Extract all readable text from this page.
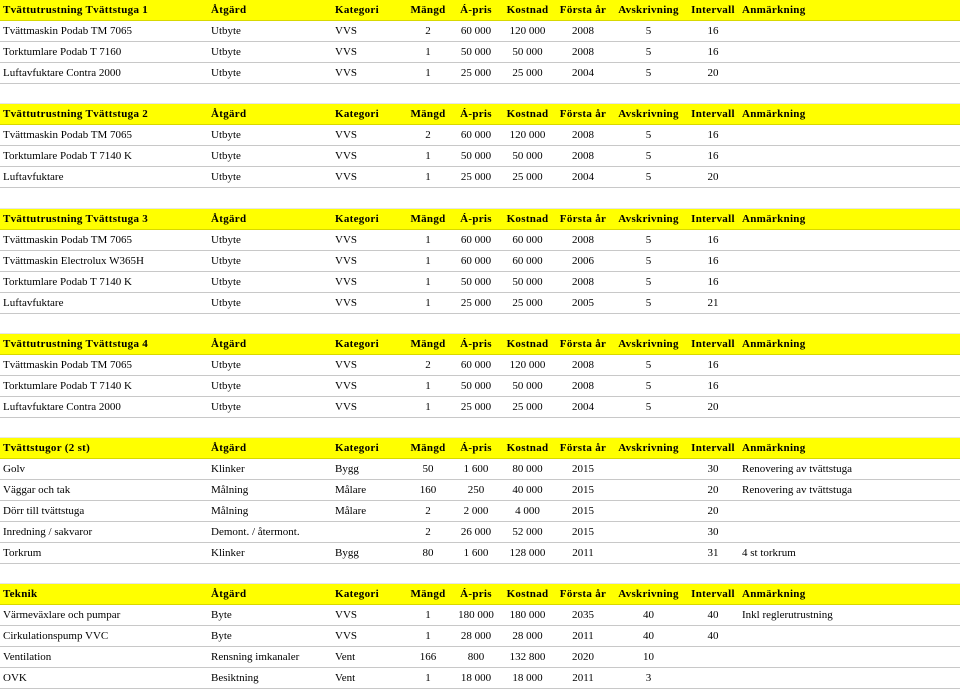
Tvättutrustning Tvättstuga 1	Åtgärd	Kategori	Mängd	Á-pris	Kostnad	Första år	Avskrivning	Intervall	Anmärkning
Tvättmaskin Podab TM 7065	Utbyte	VVS	2	60 000	120 000	2008	5	16	
Torktumlare Podab T 7160	Utbyte	VVS	1	50 000	50 000	2008	5	16	
Luftavfuktare Contra 2000	Utbyte	VVS	1	25 000	25 000	2004	5	20	

Tvättutrustning Tvättstuga 2	Åtgärd	Kategori	Mängd	Á-pris	Kostnad	Första år	Avskrivning	Intervall	Anmärkning
Tvättmaskin Podab TM 7065	Utbyte	VVS	2	60 000	120 000	2008	5	16	
Torktumlare Podab T 7140 K	Utbyte	VVS	1	50 000	50 000	2008	5	16	
Luftavfuktare	Utbyte	VVS	1	25 000	25 000	2004	5	20	

Tvättutrustning Tvättstuga 3	Åtgärd	Kategori	Mängd	Á-pris	Kostnad	Första år	Avskrivning	Intervall	Anmärkning
Tvättmaskin Podab TM 7065	Utbyte	VVS	1	60 000	60 000	2008	5	16	
Tvättmaskin Electrolux W365H	Utbyte	VVS	1	60 000	60 000	2006	5	16	
Torktumlare Podab T 7140 K	Utbyte	VVS	1	50 000	50 000	2008	5	16	
Luftavfuktare	Utbyte	VVS	1	25 000	25 000	2005	5	21	

Tvättutrustning Tvättstuga 4	Åtgärd	Kategori	Mängd	Á-pris	Kostnad	Första år	Avskrivning	Intervall	Anmärkning
Tvättmaskin Podab TM 7065	Utbyte	VVS	2	60 000	120 000	2008	5	16	
Torktumlare Podab T 7140 K	Utbyte	VVS	1	50 000	50 000	2008	5	16	
Luftavfuktare Contra 2000	Utbyte	VVS	1	25 000	25 000	2004	5	20	

Tvättstugor (2 st)	Åtgärd	Kategori	Mängd	Á-pris	Kostnad	Första år	Avskrivning	Intervall	Anmärkning
Golv	Klinker	Bygg	50	1 600	80 000	2015		30	Renovering av tvättstuga
Väggar och tak	Målning	Målare	160	250	40 000	2015		20	Renovering av tvättstuga
Dörr till tvättstuga	Målning	Målare	2	2 000	4 000	2015		20	
Inredning / sakvaror	Demont. / återmont.		2	26 000	52 000	2015		30	
Torkrum	Klinker	Bygg	80	1 600	128 000	2011		31	4 st torkrum

Teknik	Åtgärd	Kategori	Mängd	Á-pris	Kostnad	Första år	Avskrivning	Intervall	Anmärkning
Värmeväxlare och pumpar	Byte	VVS	1	180 000	180 000	2035	40	40	Inkl reglerutrustning
Cirkulationspump VVC	Byte	VVS	1	28 000	28 000	2011	40	40	
Ventilation	Rensning imkanaler	Vent	166	800	132 800	2020	10		
OVK	Besiktning	Vent	1	18 000	18 000	2011	3		
